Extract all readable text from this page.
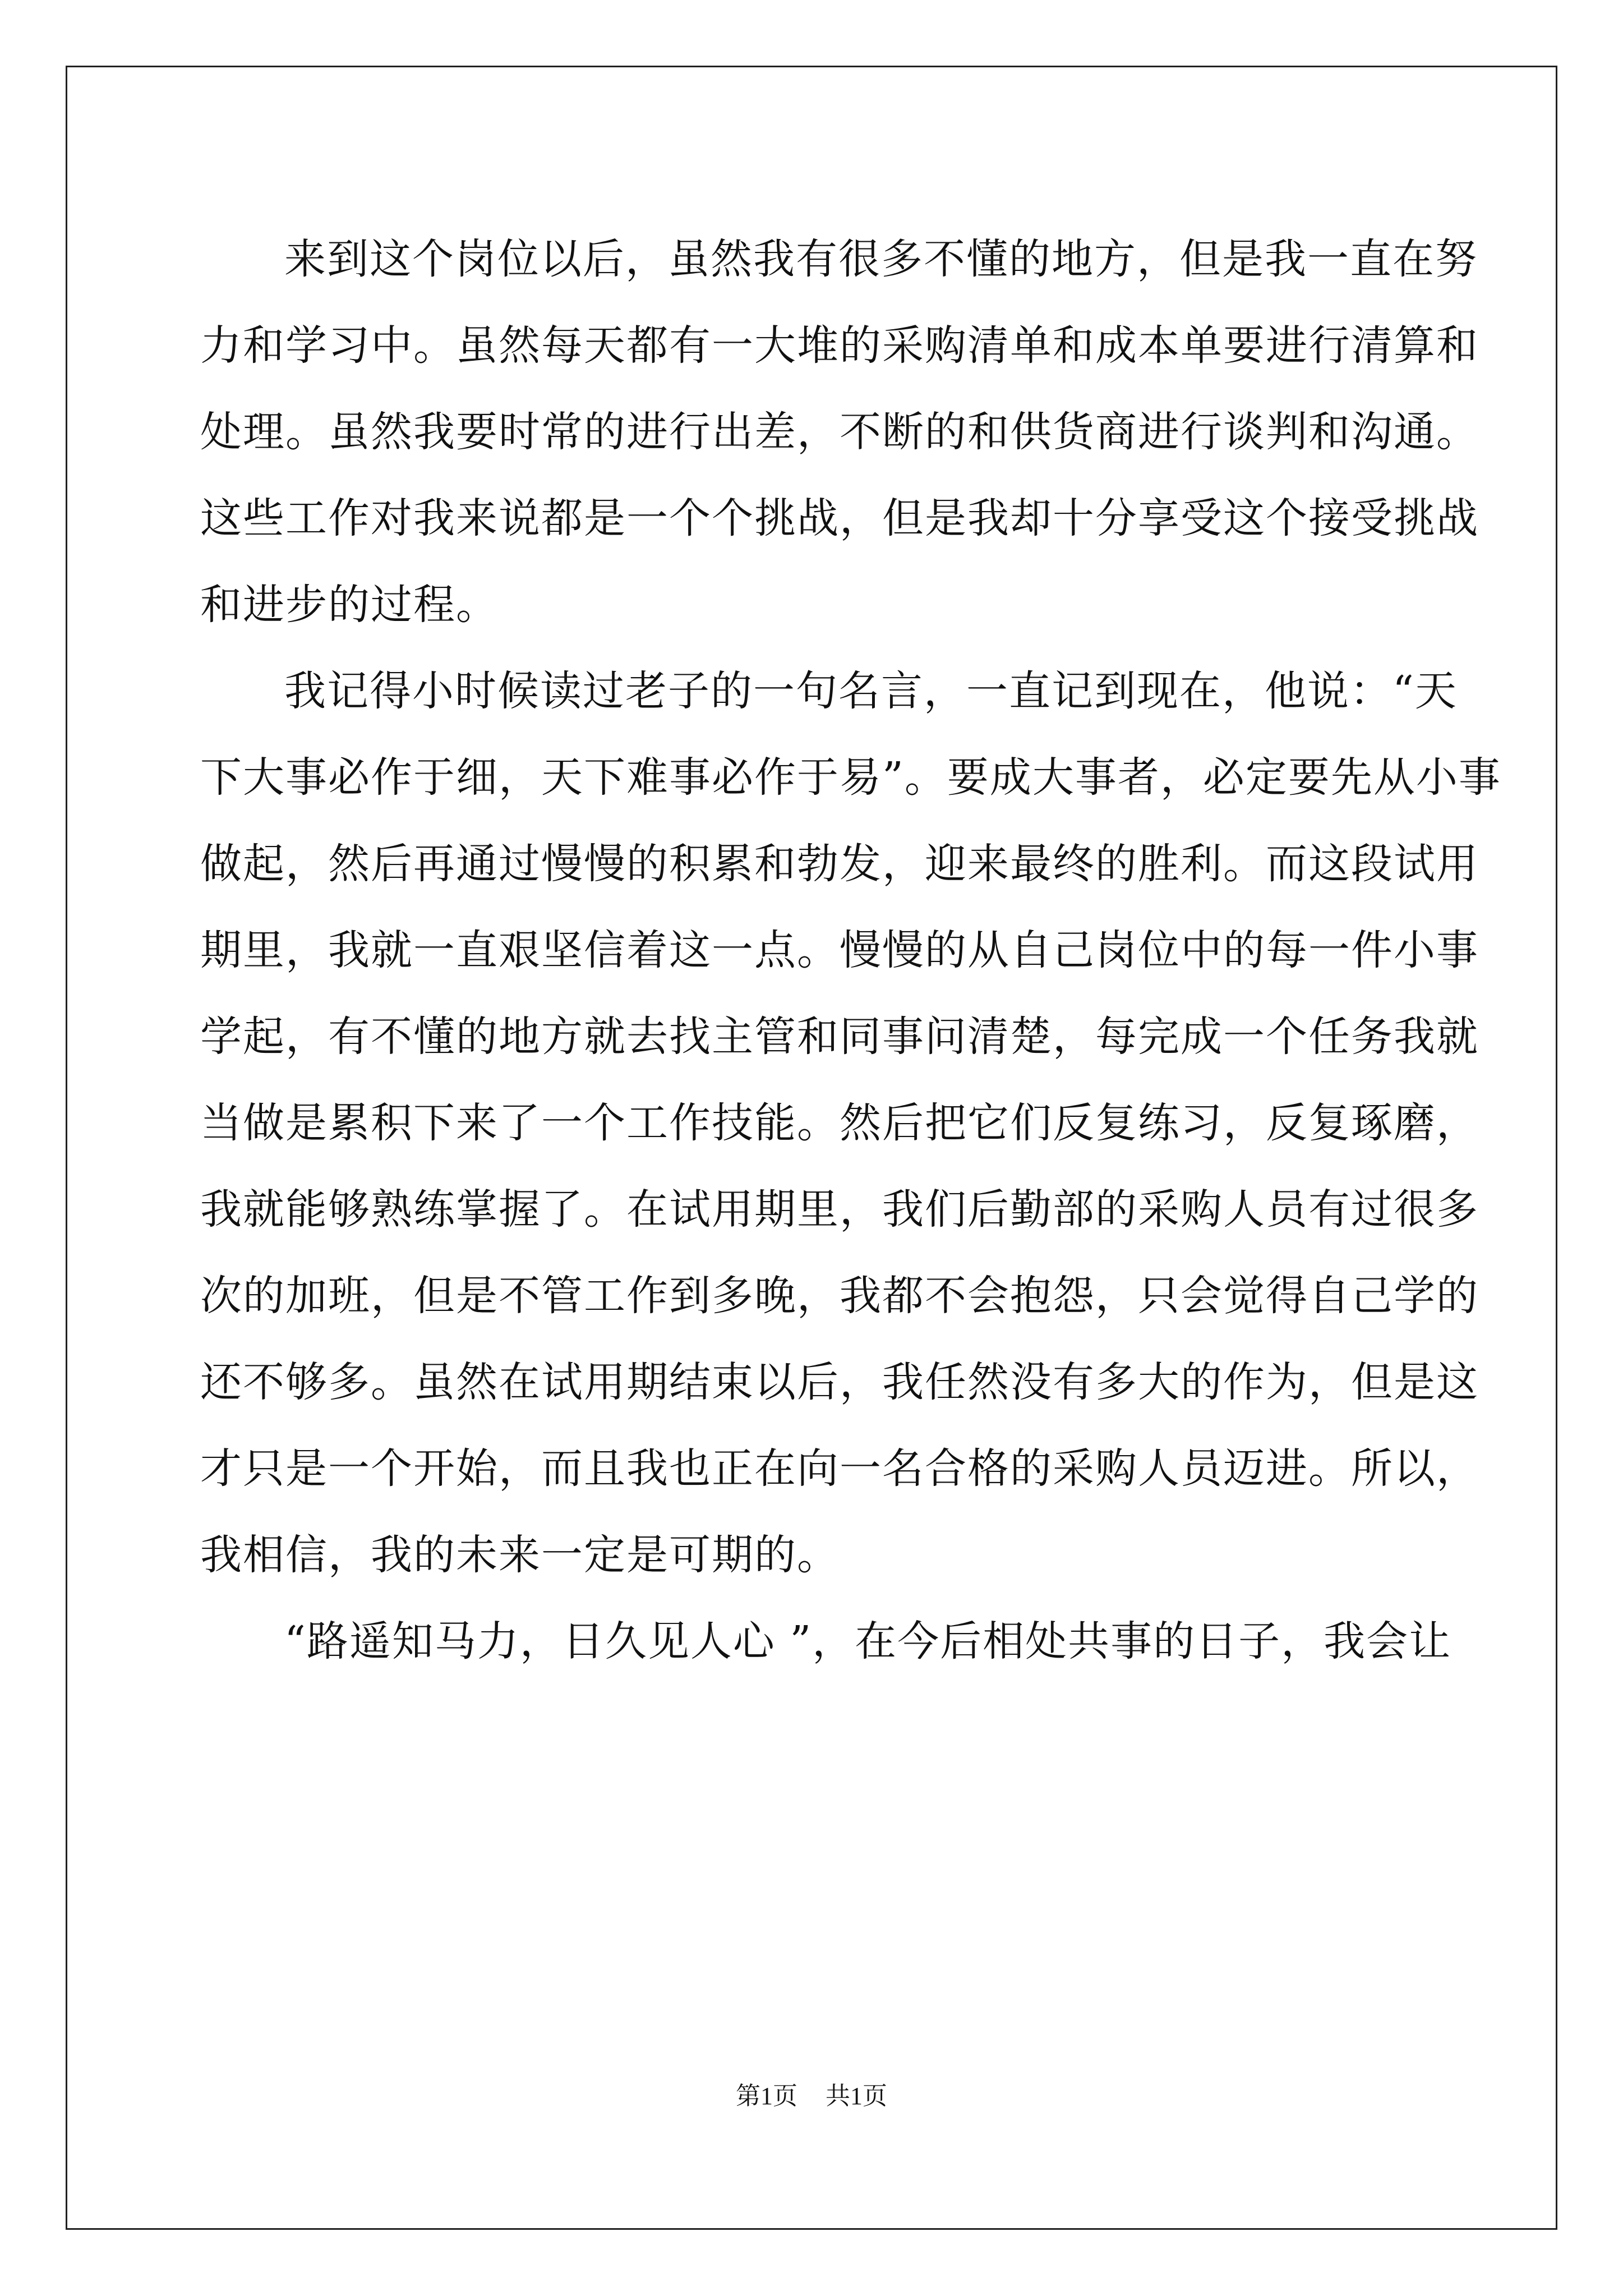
来到这个岗位以后，虽然我有很多不懂的地方，但是我一直在努
力和学习中。虽然每天都有一大堆的采购清单和成本单要进行清算和
处理。虽然我要时常的进行出差，不断的和供货商进行谈判和沟通。
这些工作对我来说都是一个个挑战，但是我却十分享受这个接受挑战
和进步的过程。
我记得小时候读过老子的一句名言，一直记到现在，他说：“天
下大事必作于细，天下难事必作于易”。要成大事者，必定要先从小事
做起，然后再通过慢慢的积累和勃发，迎来最终的胜利。而这段试用
期里，我就一直艰坚信着这一点。慢慢的从自己岗位中的每一件小事
学起，有不懂的地方就去找主管和同事问清楚，每完成一个任务我就
当做是累积下来了一个工作技能。然后把它们反复练习，反复琢磨，
我就能够熟练掌握了。在试用期里，我们后勤部的采购人员有过很多
次的加班，但是不管工作到多晚，我都不会抱怨，只会觉得自己学的
还不够多。虽然在试用期结束以后，我任然没有多大的作为，但是这
才只是一个开始，而且我也正在向一名合格的采购人员迈进。所以，
我相信，我的未来一定是可期的。
“路遥知马力，日久见人心 ”，在今后相处共事的日子，我会让
第1页 共1页
